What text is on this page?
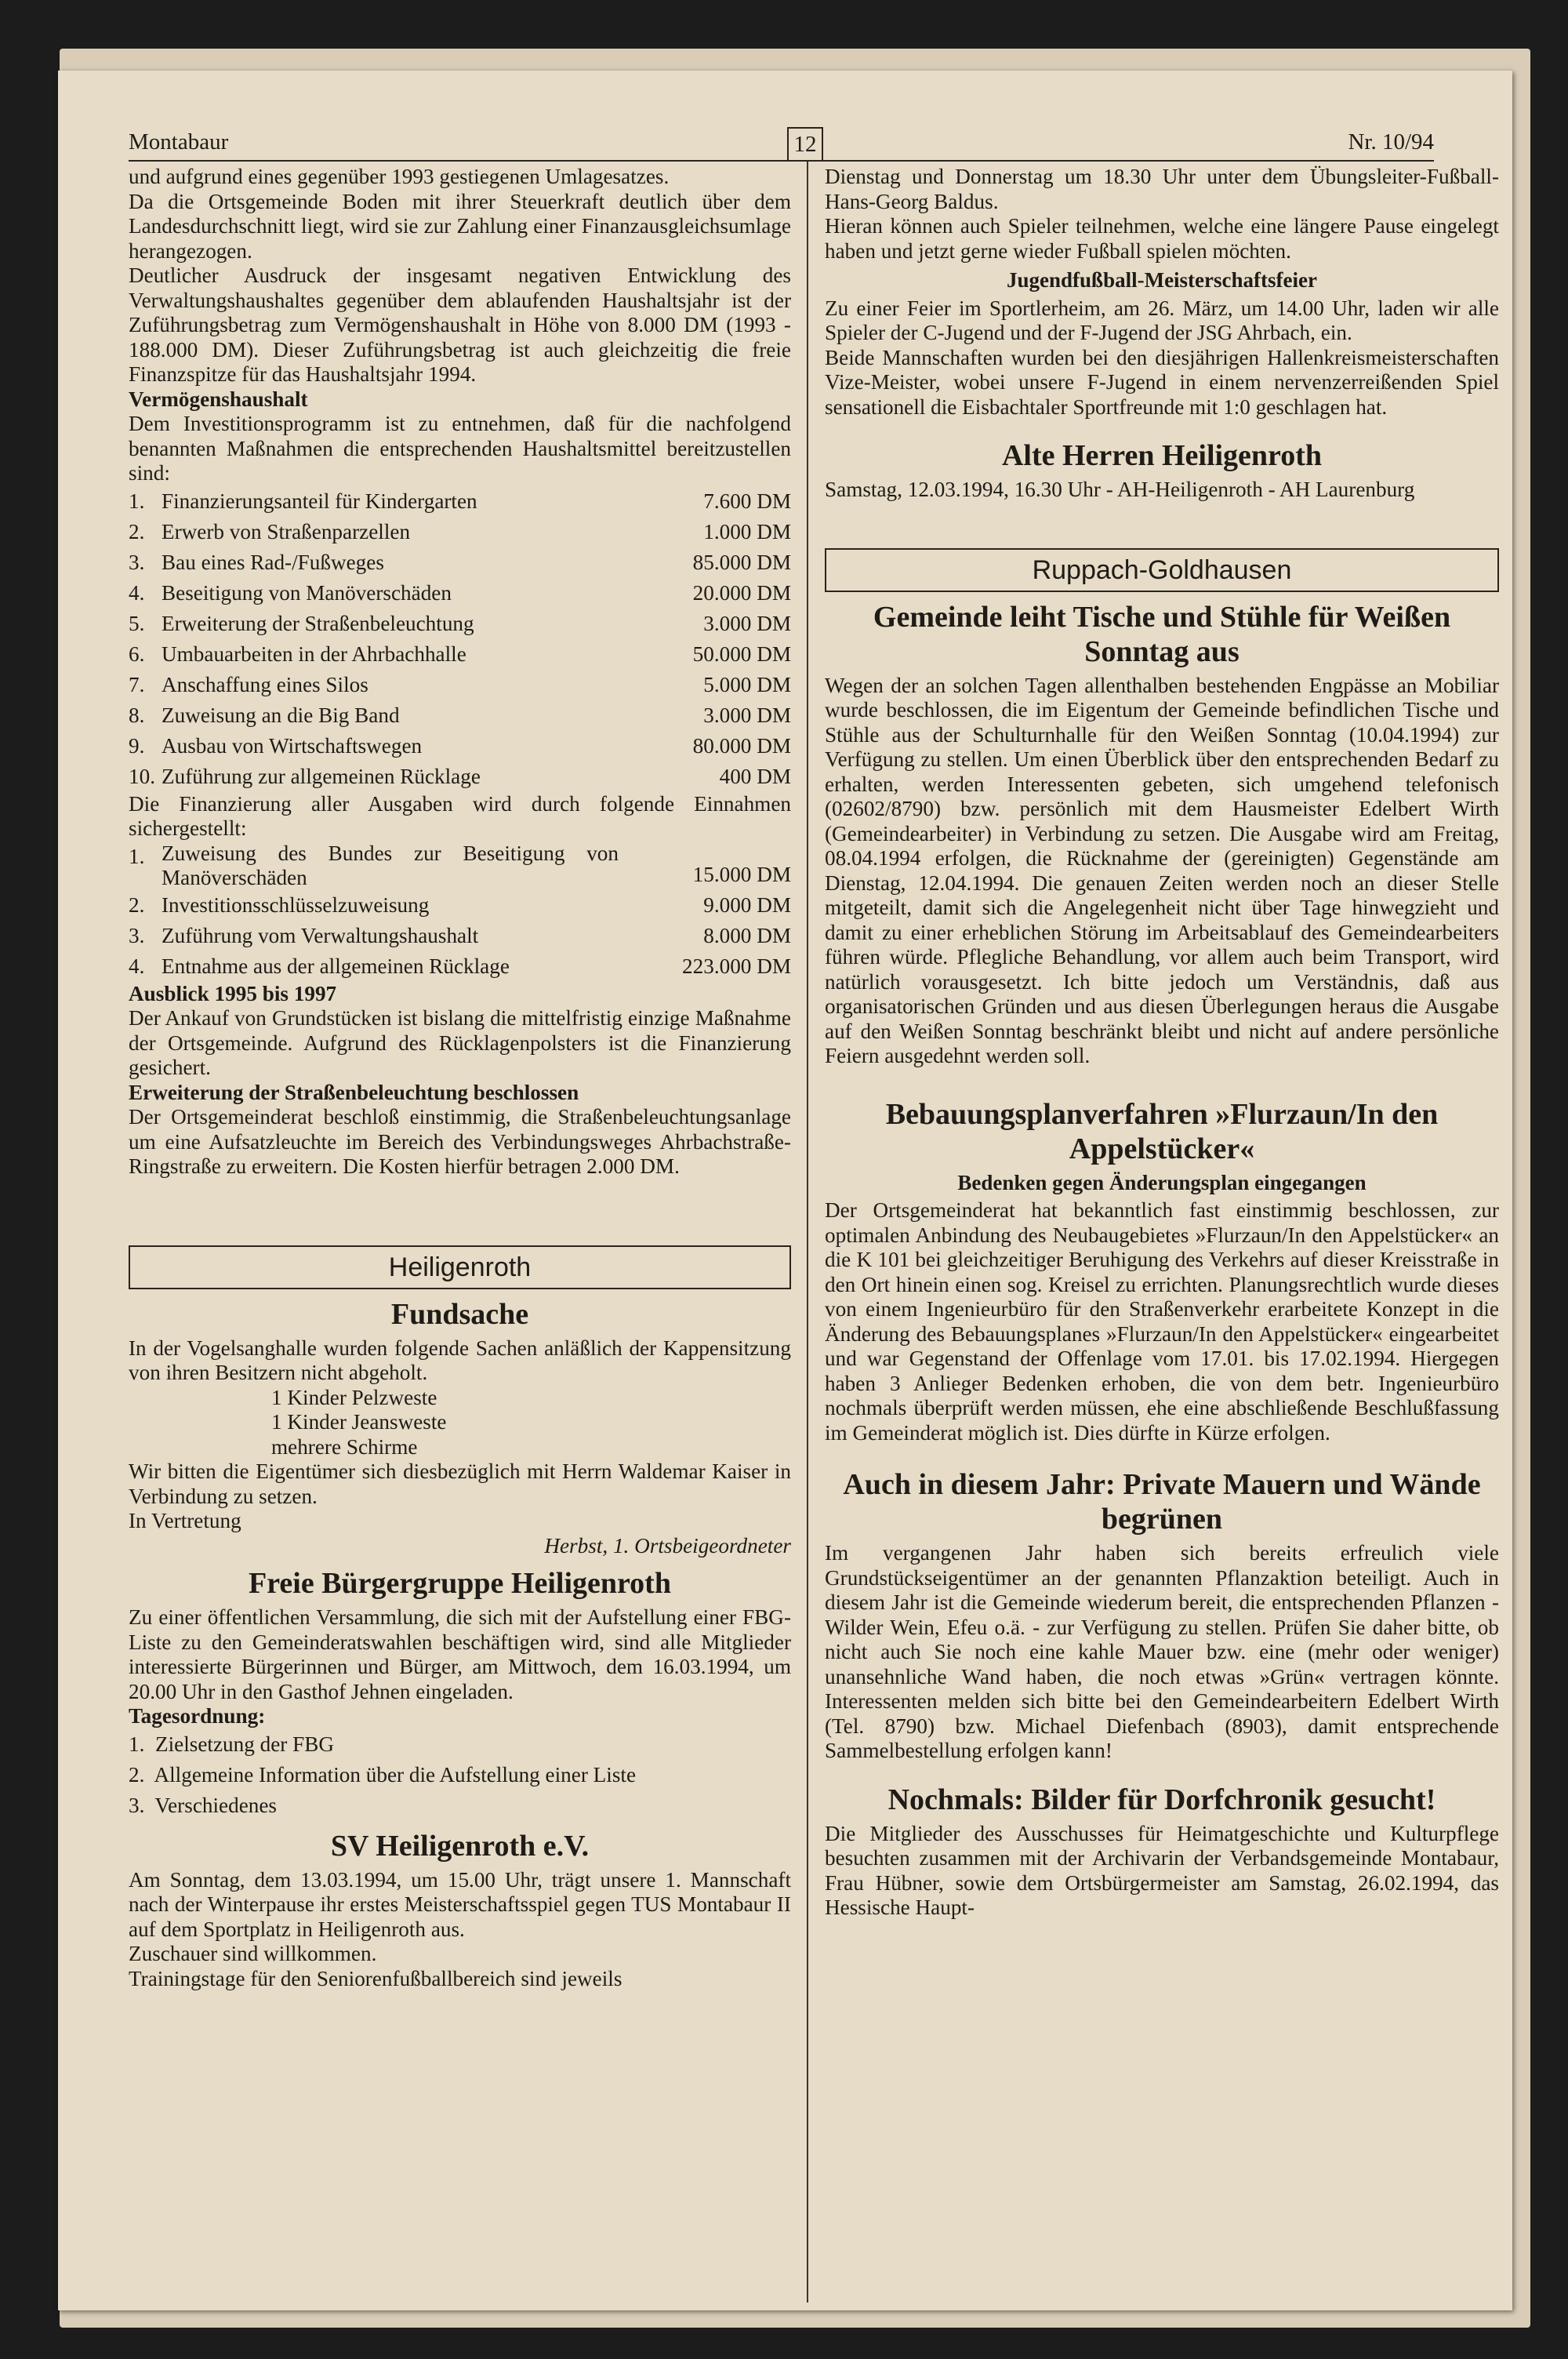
Montabaur	12	Nr. 10/94

und aufgrund eines gegenüber 1993 gestiegenen Umlagesatzes.

Da die Ortsgemeinde Boden mit ihrer Steuerkraft deutlich über dem Landesdurchschnitt liegt, wird sie zur Zahlung einer Finanzausgleichsumlage herangezogen.

Deutlicher Ausdruck der insgesamt negativen Entwicklung des Verwaltungshaushaltes gegenüber dem ablaufenden Haushaltsjahr ist der Zuführungsbetrag zum Vermögenshaushalt in Höhe von 8.000 DM (1993 - 188.000 DM). Dieser Zuführungsbetrag ist auch gleichzeitig die freie Finanzspitze für das Haushaltsjahr 1994.

Vermögenshaushalt

Dem Investitionsprogramm ist zu entnehmen, daß für die nachfolgend benannten Maßnahmen die entsprechenden Haushaltsmittel bereitzustellen sind:

1.	Finanzierungsanteil für Kindergarten	7.600 DM
2.	Erwerb von Straßenparzellen	1.000 DM
3.	Bau eines Rad-/Fußweges	85.000 DM
4.	Beseitigung von Manöverschäden	20.000 DM
5.	Erweiterung der Straßenbeleuchtung	3.000 DM
6.	Umbauarbeiten in der Ahrbachhalle	50.000 DM
7.	Anschaffung eines Silos	5.000 DM
8.	Zuweisung an die Big Band	3.000 DM
9.	Ausbau von Wirtschaftswegen	80.000 DM
10.	Zuführung zur allgemeinen Rücklage	400 DM

Die Finanzierung aller Ausgaben wird durch folgende Einnahmen sichergestellt:

1.	Zuweisung des Bundes zur Beseitigung von Manöverschäden	15.000 DM
2.	Investitionsschlüsselzuweisung	9.000 DM
3.	Zuführung vom Verwaltungshaushalt	8.000 DM
4.	Entnahme aus der allgemeinen Rücklage	223.000 DM

Ausblick 1995 bis 1997

Der Ankauf von Grundstücken ist bislang die mittelfristig einzige Maßnahme der Ortsgemeinde. Aufgrund des Rücklagenpolsters ist die Finanzierung gesichert.

Erweiterung der Straßenbeleuchtung beschlossen

Der Ortsgemeinderat beschloß einstimmig, die Straßenbeleuchtungsanlage um eine Aufsatzleuchte im Bereich des Verbindungsweges Ahrbachstraße-Ringstraße zu erweitern. Die Kosten hierfür betragen 2.000 DM.

Heiligenroth
Fundsache

In der Vogelsanghalle wurden folgende Sachen anläßlich der Kappensitzung von ihren Besitzern nicht abgeholt.

1 Kinder Pelzweste

1 Kinder Jeansweste

mehrere Schirme

Wir bitten die Eigentümer sich diesbezüglich mit Herrn Waldemar Kaiser in Verbindung zu setzen.

In Vertretung

Herbst, 1. Ortsbeigeordneter

Freie Bürgergruppe Heiligenroth

Zu einer öffentlichen Versammlung, die sich mit der Aufstellung einer FBG-Liste zu den Gemeinderatswahlen beschäftigen wird, sind alle Mitglieder interessierte Bürgerinnen und Bürger, am Mittwoch, dem 16.03.1994, um 20.00 Uhr in den Gasthof Jehnen eingeladen.

Tagesordnung:

1. Zielsetzung der FBG
2. Allgemeine Information über die Aufstellung einer Liste
3. Verschiedenes
SV Heiligenroth e.V.

Am Sonntag, dem 13.03.1994, um 15.00 Uhr, trägt unsere 1. Mannschaft nach der Winterpause ihr erstes Meisterschaftsspiel gegen TUS Montabaur II auf dem Sportplatz in Heiligenroth aus.

Zuschauer sind willkommen.

Trainingstage für den Seniorenfußballbereich sind jeweils

Dienstag und Donnerstag um 18.30 Uhr unter dem Übungsleiter-Fußball-Hans-Georg Baldus.

Hieran können auch Spieler teilnehmen, welche eine längere Pause eingelegt haben und jetzt gerne wieder Fußball spielen möchten.

Jugendfußball-Meisterschaftsfeier

Zu einer Feier im Sportlerheim, am 26. März, um 14.00 Uhr, laden wir alle Spieler der C-Jugend und der F-Jugend der JSG Ahrbach, ein.

Beide Mannschaften wurden bei den diesjährigen Hallenkreismeisterschaften Vize-Meister, wobei unsere F-Jugend in einem nervenzerreißenden Spiel sensationell die Eisbachtaler Sportfreunde mit 1:0 geschlagen hat.

Alte Herren Heiligenroth

Samstag, 12.03.1994, 16.30 Uhr - AH-Heiligenroth - AH Laurenburg

Ruppach-Goldhausen
Gemeinde leiht Tische und Stühle für Weißen Sonntag aus

Wegen der an solchen Tagen allenthalben bestehenden Engpässe an Mobiliar wurde beschlossen, die im Eigentum der Gemeinde befindlichen Tische und Stühle aus der Schulturnhalle für den Weißen Sonntag (10.04.1994) zur Verfügung zu stellen. Um einen Überblick über den entsprechenden Bedarf zu erhalten, werden Interessenten gebeten, sich umgehend telefonisch (02602/8790) bzw. persönlich mit dem Hausmeister Edelbert Wirth (Gemeindearbeiter) in Verbindung zu setzen. Die Ausgabe wird am Freitag, 08.04.1994 erfolgen, die Rücknahme der (gereinigten) Gegenstände am Dienstag, 12.04.1994. Die genauen Zeiten werden noch an dieser Stelle mitgeteilt, damit sich die Angelegenheit nicht über Tage hinwegzieht und damit zu einer erheblichen Störung im Arbeitsablauf des Gemeindearbeiters führen würde. Pflegliche Behandlung, vor allem auch beim Transport, wird natürlich vorausgesetzt. Ich bitte jedoch um Verständnis, daß aus organisatorischen Gründen und aus diesen Überlegungen heraus die Ausgabe auf den Weißen Sonntag beschränkt bleibt und nicht auf andere persönliche Feiern ausgedehnt werden soll.

Bebauungsplanverfahren »Flurzaun/In den Appelstücker«
Bedenken gegen Änderungsplan eingegangen

Der Ortsgemeinderat hat bekanntlich fast einstimmig beschlossen, zur optimalen Anbindung des Neubaugebietes »Flurzaun/In den Appelstücker« an die K 101 bei gleichzeitiger Beruhigung des Verkehrs auf dieser Kreisstraße in den Ort hinein einen sog. Kreisel zu errichten. Planungsrechtlich wurde dieses von einem Ingenieurbüro für den Straßenverkehr erarbeitete Konzept in die Änderung des Bebauungsplanes »Flurzaun/In den Appelstücker« eingearbeitet und war Gegenstand der Offenlage vom 17.01. bis 17.02.1994. Hiergegen haben 3 Anlieger Bedenken erhoben, die von dem betr. Ingenieurbüro nochmals überprüft werden müssen, ehe eine abschließende Beschlußfassung im Gemeinderat möglich ist. Dies dürfte in Kürze erfolgen.

Auch in diesem Jahr: Private Mauern und Wände begrünen

Im vergangenen Jahr haben sich bereits erfreulich viele Grundstückseigentümer an der genannten Pflanzaktion beteiligt. Auch in diesem Jahr ist die Gemeinde wiederum bereit, die entsprechenden Pflanzen - Wilder Wein, Efeu o.ä. - zur Verfügung zu stellen. Prüfen Sie daher bitte, ob nicht auch Sie noch eine kahle Mauer bzw. eine (mehr oder weniger) unansehnliche Wand haben, die noch etwas »Grün« vertragen könnte. Interessenten melden sich bitte bei den Gemeindearbeitern Edelbert Wirth (Tel. 8790) bzw. Michael Diefenbach (8903), damit entsprechende Sammelbestellung erfolgen kann!

Nochmals: Bilder für Dorfchronik gesucht!

Die Mitglieder des Ausschusses für Heimatgeschichte und Kulturpflege besuchten zusammen mit der Archivarin der Verbandsgemeinde Montabaur, Frau Hübner, sowie dem Ortsbürgermeister am Samstag, 26.02.1994, das Hessische Haupt-
